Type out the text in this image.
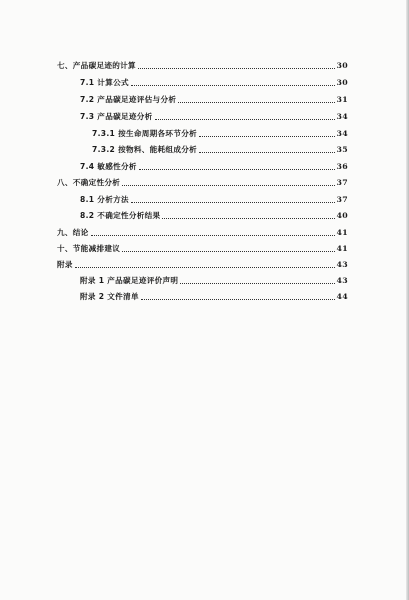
七、产品碳足迹的计算	30
7.1 计算公式	30
7.2 产品碳足迹评估与分析	31
7.3 产品碳足迹分析	34
7.3.1 按生命周期各环节分析	34
7.3.2 按物料、能耗组成分析	35
7.4 敏感性分析	36
八、不确定性分析	37
8.1 分析方法	37
8.2 不确定性分析结果	40
九、结论	41
十、节能减排建议	41
附录	43
附录 1 产品碳足迹评价声明	43
附录 2 文件清单	44
